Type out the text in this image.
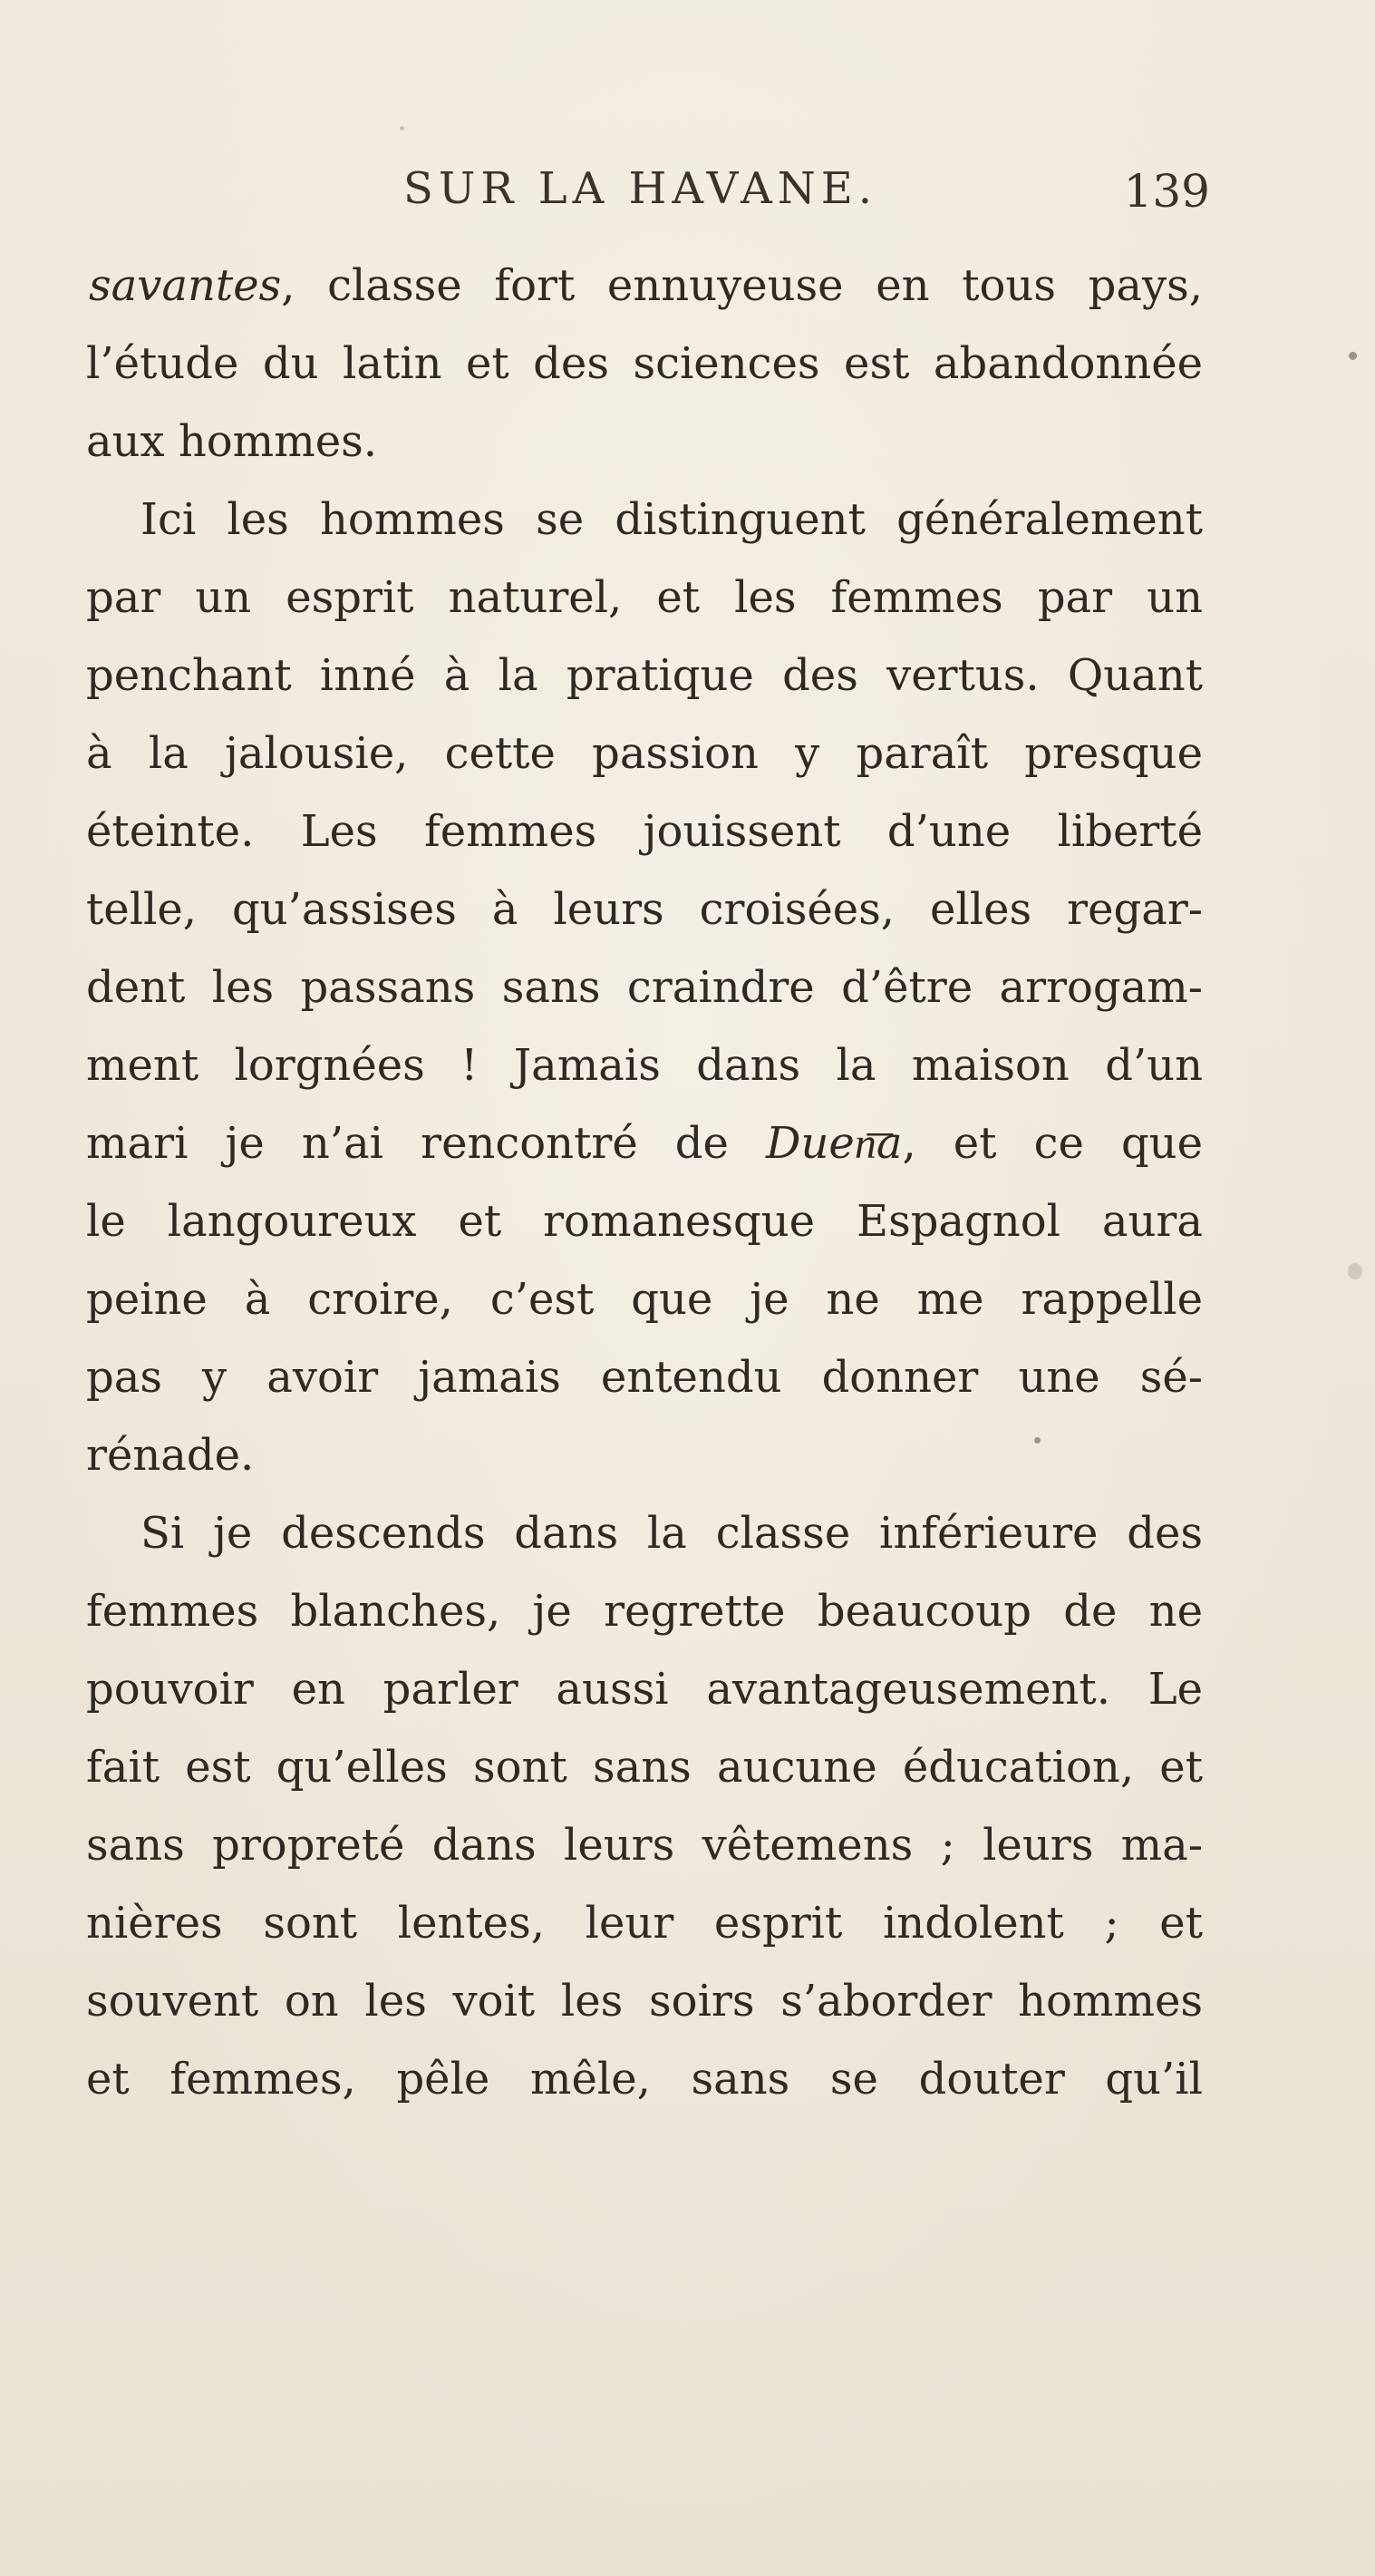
SUR LA HAVANE.	139
savantes, classe fort ennuyeuse en tous pays,
l’étude du latin et des sciences est abandonnée
aux hommes.
Ici les hommes se distinguent généralement
par un esprit naturel, et les femmes par un
penchant inné à la pratique des vertus. Quant
à la jalousie, cette passion y paraît presque
éteinte. Les femmes jouissent d’une liberté
telle, qu’assises à leurs croisées, elles regar-
dent les passans sans craindre d’être arrogam-
ment lorgnées ! Jamais dans la maison d’un
mari je n’ai rencontré de Duen͞a, et ce que
le langoureux et romanesque Espagnol aura
peine à croire, c’est que je ne me rappelle
pas y avoir jamais entendu donner une sé-
rénade.
Si je descends dans la classe inférieure des
femmes blanches, je regrette beaucoup de ne
pouvoir en parler aussi avantageusement. Le
fait est qu’elles sont sans aucune éducation, et
sans propreté dans leurs vêtemens ; leurs ma-
nières sont lentes, leur esprit indolent ; et
souvent on les voit les soirs s’aborder hommes
et femmes, pêle mêle, sans se douter qu’il
